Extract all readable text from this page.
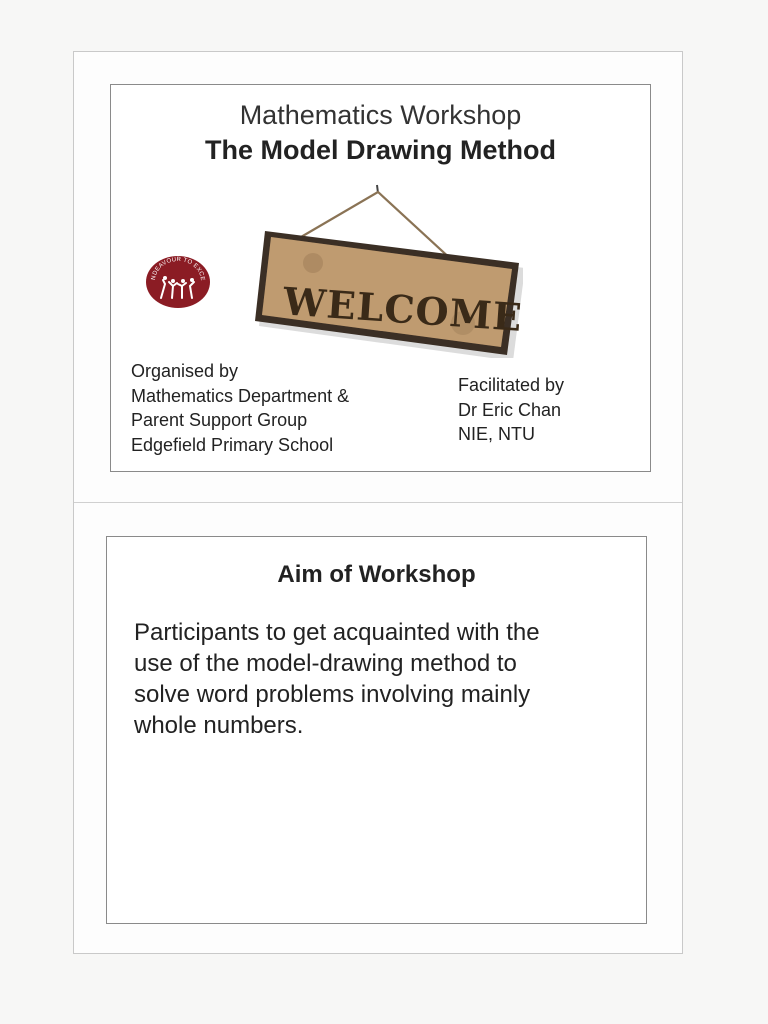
Mathematics Workshop
The Model Drawing Method
NDEAVOUR TO EXCE WELCOME
Organised by
Mathematics Department &
Parent Support Group
Edgefield Primary School
Facilitated by
Dr Eric Chan
NIE, NTU
Aim of Workshop
Participants to get acquainted with the
use of the model-drawing method to
solve word problems involving mainly
whole numbers.
